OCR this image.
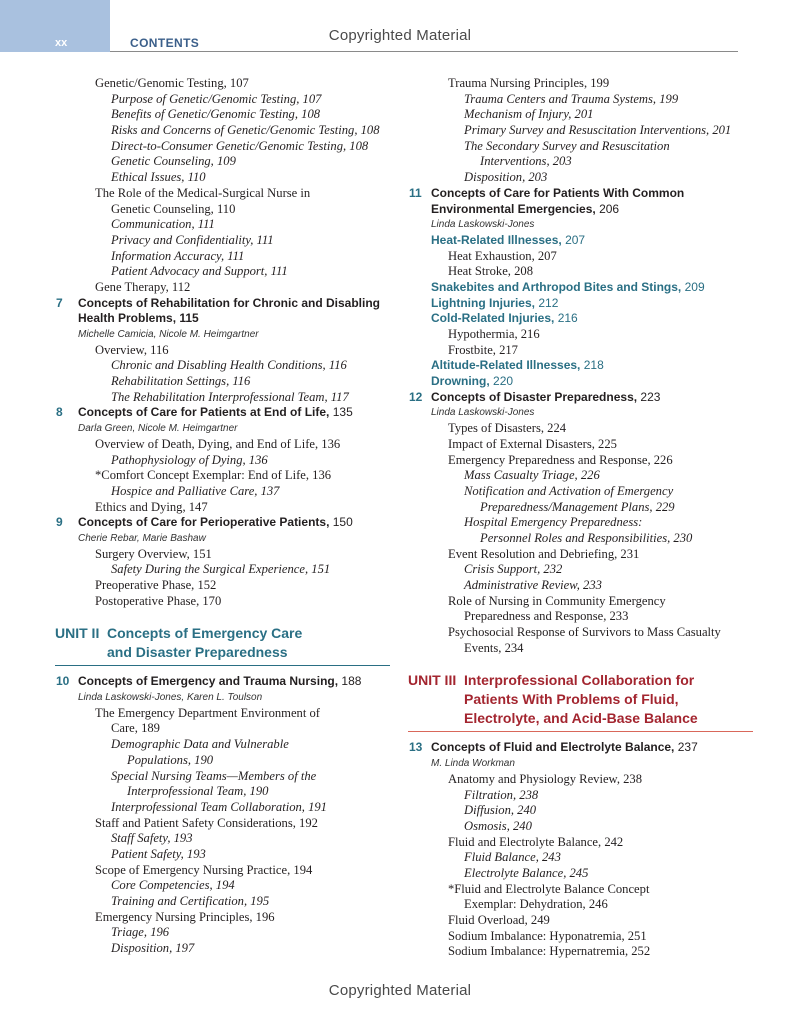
xx	CONTENTS	Copyrighted Material
Copyrighted Material
Genetic/Genomic Testing, 107
Purpose of Genetic/Genomic Testing, 107
Benefits of Genetic/Genomic Testing, 108
Risks and Concerns of Genetic/Genomic Testing, 108
Direct-to-Consumer Genetic/Genomic Testing, 108
Genetic Counseling, 109
Ethical Issues, 110
The Role of the Medical-Surgical Nurse in
Genetic Counseling, 110
Communication, 111
Privacy and Confidentiality, 111
Information Accuracy, 111
Patient Advocacy and Support, 111
Gene Therapy, 112
7 Concepts of Rehabilitation for Chronic and Disabling
Health Problems, 115
Michelle Camicia, Nicole M. Heimgartner
Overview, 116
Chronic and Disabling Health Conditions, 116
Rehabilitation Settings, 116
The Rehabilitation Interprofessional Team, 117
8 Concepts of Care for Patients at End of Life, 135
Darla Green, Nicole M. Heimgartner
Overview of Death, Dying, and End of Life, 136
Pathophysiology of Dying, 136
*Comfort Concept Exemplar: End of Life, 136
Hospice and Palliative Care, 137
Ethics and Dying, 147
9 Concepts of Care for Perioperative Patients, 150
Cherie Rebar, Marie Bashaw
Surgery Overview, 151
Safety During the Surgical Experience, 151
Preoperative Phase, 152
Postoperative Phase, 170
UNIT II Concepts of Emergency Care
and Disaster Preparedness
10 Concepts of Emergency and Trauma Nursing, 188
Linda Laskowski-Jones, Karen L. Toulson
The Emergency Department Environment of
Care, 189
Demographic Data and Vulnerable
Populations, 190
Special Nursing Teams—Members of the
Interprofessional Team, 190
Interprofessional Team Collaboration, 191
Staff and Patient Safety Considerations, 192
Staff Safety, 193
Patient Safety, 193
Scope of Emergency Nursing Practice, 194
Core Competencies, 194
Training and Certification, 195
Emergency Nursing Principles, 196
Triage, 196
Disposition, 197
Trauma Nursing Principles, 199
Trauma Centers and Trauma Systems, 199
Mechanism of Injury, 201
Primary Survey and Resuscitation Interventions, 201
The Secondary Survey and Resuscitation
Interventions, 203
Disposition, 203
11 Concepts of Care for Patients With Common
Environmental Emergencies, 206
Linda Laskowski-Jones
Heat-Related Illnesses, 207
Heat Exhaustion, 207
Heat Stroke, 208
Snakebites and Arthropod Bites and Stings, 209
Lightning Injuries, 212
Cold-Related Injuries, 216
Hypothermia, 216
Frostbite, 217
Altitude-Related Illnesses, 218
Drowning, 220
12 Concepts of Disaster Preparedness, 223
Linda Laskowski-Jones
Types of Disasters, 224
Impact of External Disasters, 225
Emergency Preparedness and Response, 226
Mass Casualty Triage, 226
Notification and Activation of Emergency
Preparedness/Management Plans, 229
Hospital Emergency Preparedness:
Personnel Roles and Responsibilities, 230
Event Resolution and Debriefing, 231
Crisis Support, 232
Administrative Review, 233
Role of Nursing in Community Emergency
Preparedness and Response, 233
Psychosocial Response of Survivors to Mass Casualty
Events, 234
UNIT III Interprofessional Collaboration for
Patients With Problems of Fluid,
Electrolyte, and Acid-Base Balance
13 Concepts of Fluid and Electrolyte Balance, 237
M. Linda Workman
Anatomy and Physiology Review, 238
Filtration, 238
Diffusion, 240
Osmosis, 240
Fluid and Electrolyte Balance, 242
Fluid Balance, 243
Electrolyte Balance, 245
*Fluid and Electrolyte Balance Concept
Exemplar: Dehydration, 246
Fluid Overload, 249
Sodium Imbalance: Hyponatremia, 251
Sodium Imbalance: Hypernatremia, 252
